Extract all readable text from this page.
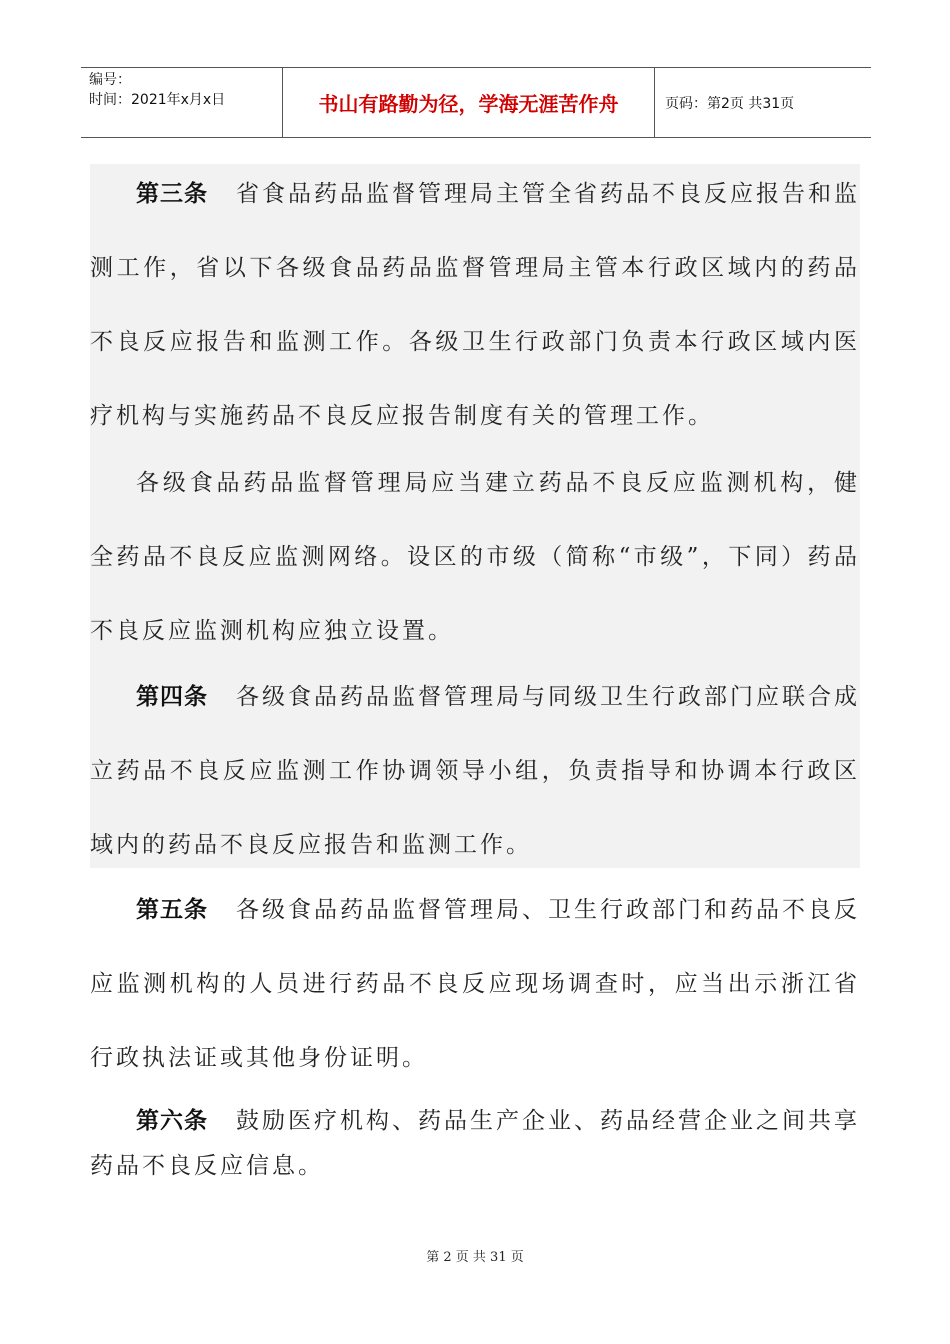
编号：
时间：2021年x月x日	书山有路勤为径，学海无涯苦作舟	页码：第2页 共31页

第三条 省食品药品监督管理局主管全省药品不良反应报告和监测工作，省以下各级食品药品监督管理局主管本行政区域内的药品不良反应报告和监测工作。各级卫生行政部门负责本行政区域内医疗机构与实施药品不良反应报告制度有关的管理工作。

各级食品药品监督管理局应当建立药品不良反应监测机构，健全药品不良反应监测网络。设区的市级（简称“市级”，下同）药品不良反应监测机构应独立设置。

第四条 各级食品药品监督管理局与同级卫生行政部门应联合成立药品不良反应监测工作协调领导小组，负责指导和协调本行政区域内的药品不良反应报告和监测工作。

第五条 各级食品药品监督管理局、卫生行政部门和药品不良反应监测机构的人员进行药品不良反应现场调查时，应当出示浙江省行政执法证或其他身份证明。

第六条 鼓励医疗机构、药品生产企业、药品经营企业之间共享药品不良反应信息。

第 2 页 共 31 页
